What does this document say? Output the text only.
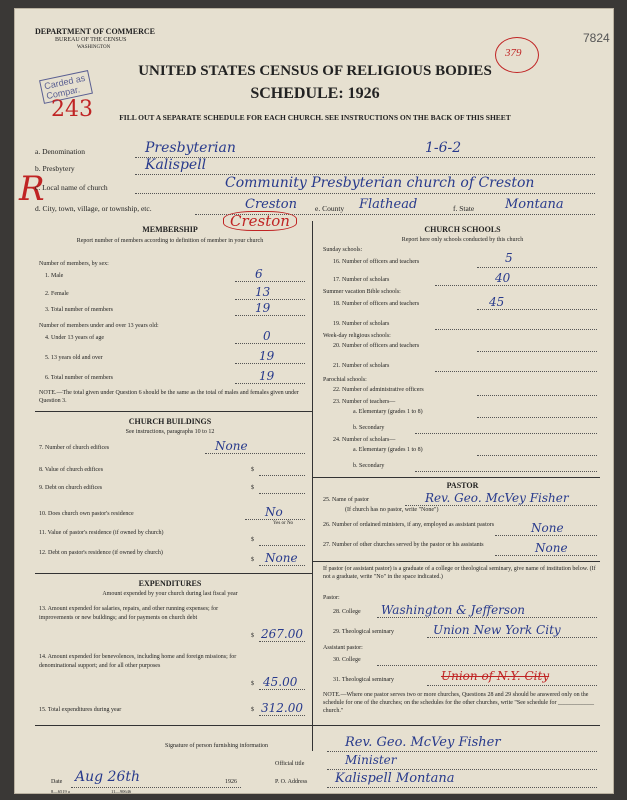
DEPARTMENT OF COMMERCE
BUREAU OF THE CENSUS
WASHINGTON
7824
Carded as
Compar.
243
379
UNITED STATES CENSUS OF RELIGIOUS BODIES
SCHEDULE: 1926
FILL OUT A SEPARATE SCHEDULE FOR EACH CHURCH. SEE INSTRUCTIONS ON THE BACK OF THIS SHEET
a. Denomination	Presbyterian	1-6-2
b. Presbytery	Kalispell
R
c. Local name of church	Community Presbyterian church of Creston
d. City, town, village, or township, etc.	Creston e. County Flathead	f. State Montana
Creston
MEMBERSHIP
Report number of members according to definition of member in your church
Number of members, by sex:
1. Male	6
2. Female	13
3. Total number of members	19
Number of members under and over 13 years old:
4. Under 13 years of age	0
5. 13 years old and over	19
6. Total number of members	19
NOTE.—The total given under Question 6 should be the same as the total of males and females given under Question 3.
CHURCH BUILDINGS
See instructions, paragraphs 10 to 12
7. Number of church edifices	None
8. Value of church edifices	$
9. Debt on church edifices	$
10. Does church own pastor's residence	No
Yes or No
11. Value of pastor's residence (if owned by church)
$
12. Debt on pastor's residence (if owned by church)
$ None
EXPENDITURES
Amount expended by your church during last fiscal year
13. Amount expended for salaries, repairs, and other running expenses; for improvements or new buildings; and for payments on church debt
$ 267.00
14. Amount expended for benevolences, including home and foreign missions; for denominational support; and for all other purposes
$ 45.00
15. Total expenditures during year	$ 312.00
CHURCH SCHOOLS
Report here only schools conducted by this church
Sunday schools:
16. Number of officers and teachers	5
17. Number of scholars	40
Summer vacation Bible schools:
18. Number of officers and teachers	45
19. Number of scholars
Week-day religious schools:
20. Number of officers and teachers
21. Number of scholars
Parochial schools:
22. Number of administrative officers
23. Number of teachers—
a. Elementary (grades 1 to 8)
b. Secondary
24. Number of scholars—
a. Elementary (grades 1 to 8)
b. Secondary
PASTOR
25. Name of pastor	Rev. Geo. McVey Fisher
(If church has no pastor, write "None")
26. Number of ordained ministers, if any, employed as assistant pastors	None
27. Number of other churches served by the pastor or his assistants	None
If pastor (or assistant pastor) is a graduate of a college or theological seminary, give name of institution below. (If not a graduate, write "No" in the space indicated.)
Pastor:
28. College Washington & Jefferson
29. Theological seminary	Union New York City
Assistant pastor:
30. College
31. Theological seminary	Union of N.Y. City
NOTE.—Where one pastor serves two or more churches, Questions 28 and 29 should be answered only on the schedule for one of the churches; on the schedules for the other churches, write "See schedule for ____________ church."
Signature of person furnishing information	Rev. Geo. McVey Fisher
Official title	Minister
Date Aug 26th	1926	P. O. Address Kalispell Montana
8—6519 a	11—90646
